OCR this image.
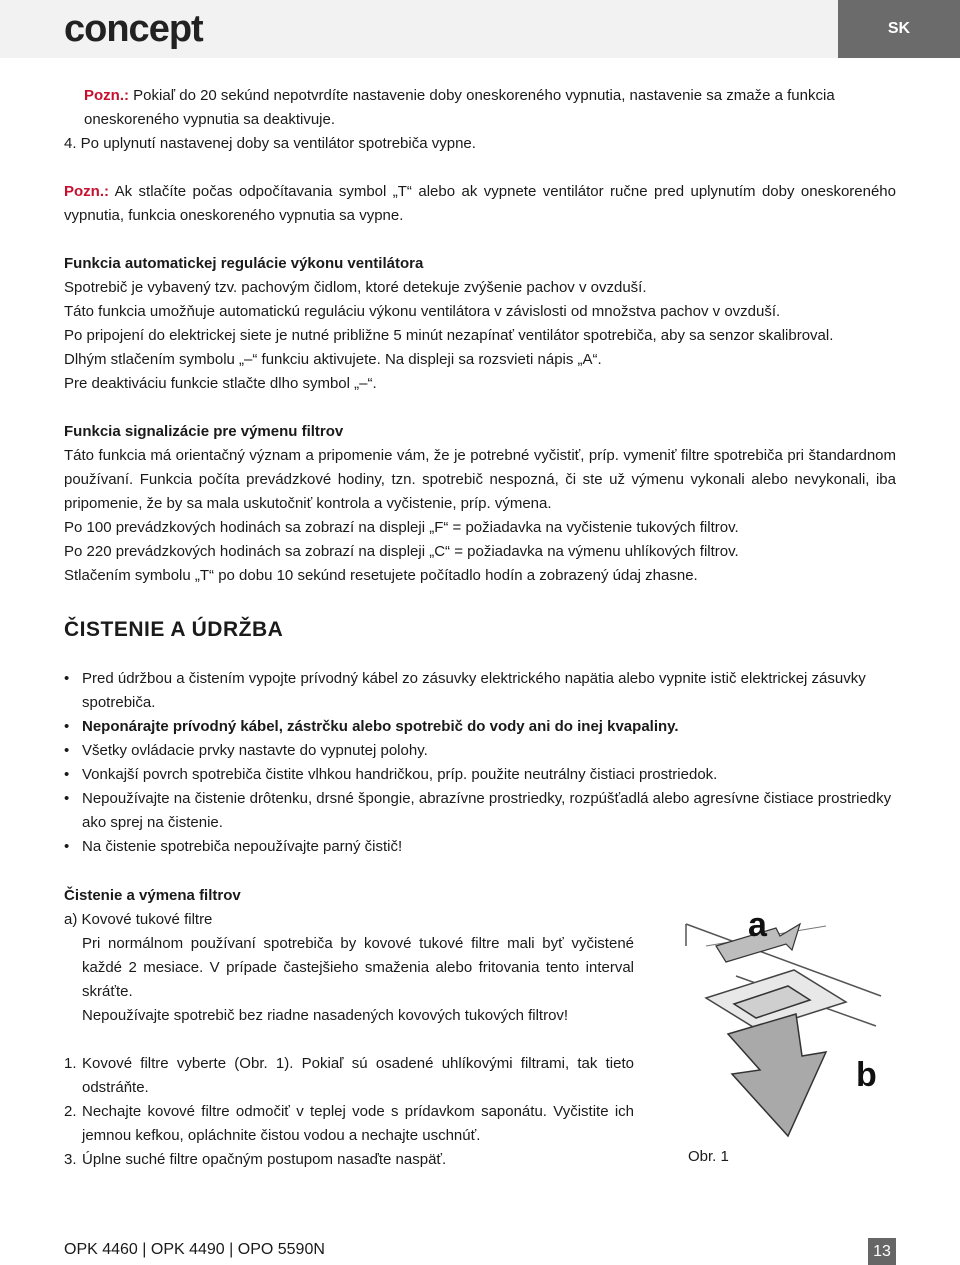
concept	SK

Pozn.: Pokiaľ do 20 sekúnd nepotvrdíte nastavenie doby oneskoreného vypnutia, nastavenie sa zmaže a funkcia

oneskoreného vypnutia sa deaktivuje.

4. Po uplynutí nastavenej doby sa ventilátor spotrebiča vypne.

Pozn.: Ak stlačíte počas odpočítavania symbol „T“ alebo ak vypnete ventilátor ručne pred uplynutím doby oneskoreného vypnutia, funkcia oneskoreného vypnutia sa vypne.

Funkcia automatickej regulácie výkonu ventilátora

Spotrebič je vybavený tzv. pachovým čidlom, ktoré detekuje zvýšenie pachov v ovzduší.

Táto funkcia umožňuje automatickú reguláciu výkonu ventilátora v závislosti od množstva pachov v ovzduší.

Po pripojení do elektrickej siete je nutné približne 5 minút nezapínať ventilátor spotrebiča, aby sa senzor skalibroval.

Dlhým stlačením symbolu „–“ funkciu aktivujete. Na displeji sa rozsvieti nápis „A“.

Pre deaktiváciu funkcie stlačte dlho symbol „–“.

Funkcia signalizácie pre výmenu filtrov

Táto funkcia má orientačný význam a pripomenie vám, že je potrebné vyčistiť, príp. vymeniť filtre spotrebiča pri štandardnom používaní. Funkcia počíta prevádzkové hodiny, tzn. spotrebič nespozná, či ste už výmenu vykonali alebo nevykonali, iba pripomenie, že by sa mala uskutočniť kontrola a vyčistenie, príp. výmena.

Po 100 prevádzkových hodinách sa zobrazí na displeji „F“ = požiadavka na vyčistenie tukových filtrov.

Po 220 prevádzkových hodinách sa zobrazí na displeji „C“ = požiadavka na výmenu uhlíkových filtrov.

Stlačením symbolu „T“ po dobu 10 sekúnd resetujete počítadlo hodín a zobrazený údaj zhasne.

ČISTENIE A ÚDRŽBA
• Pred údržbou a čistením vypojte prívodný kábel zo zásuvky elektrického napätia alebo vypnite istič elektrickej zásuvky spotrebiča.
• Neponárajte prívodný kábel, zástrčku alebo spotrebič do vody ani do inej kvapaliny.
• Všetky ovládacie prvky nastavte do vypnutej polohy.
• Vonkajší povrch spotrebiča čistite vlhkou handričkou, príp. použite neutrálny čistiaci prostriedok.
• Nepoužívajte na čistenie drôtenku, drsné špongie, abrazívne prostriedky, rozpúšťadlá alebo agresívne čistiace prostriedky ako sprej na čistenie.
• Na čistenie spotrebiča nepoužívajte parný čistič!

Čistenie a výmena filtrov

a) Kovové tukové filtre

Pri normálnom používaní spotrebiča by kovové tukové filtre mali byť vyčistené každé 2 mesiace. V prípade častejšieho smaženia alebo fritovania tento interval skráťte.

Nepoužívajte spotrebič bez riadne nasadených kovových tukových filtrov!

1. Kovové filtre vyberte (Obr. 1). Pokiaľ sú osadené uhlíkovými filtrami, tak tieto odstráňte.
2. Nechajte kovové filtre odmočiť v teplej vode s prídavkom saponátu. Vyčistite ich jemnou kefkou, opláchnite čistou vodou a nechajte uschnúť.
3. Úplne suché filtre opačným postupom nasaďte naspäť.
a
b
Obr. 1
OPK 4460 | OPK 4490 | OPO 5590N	13
